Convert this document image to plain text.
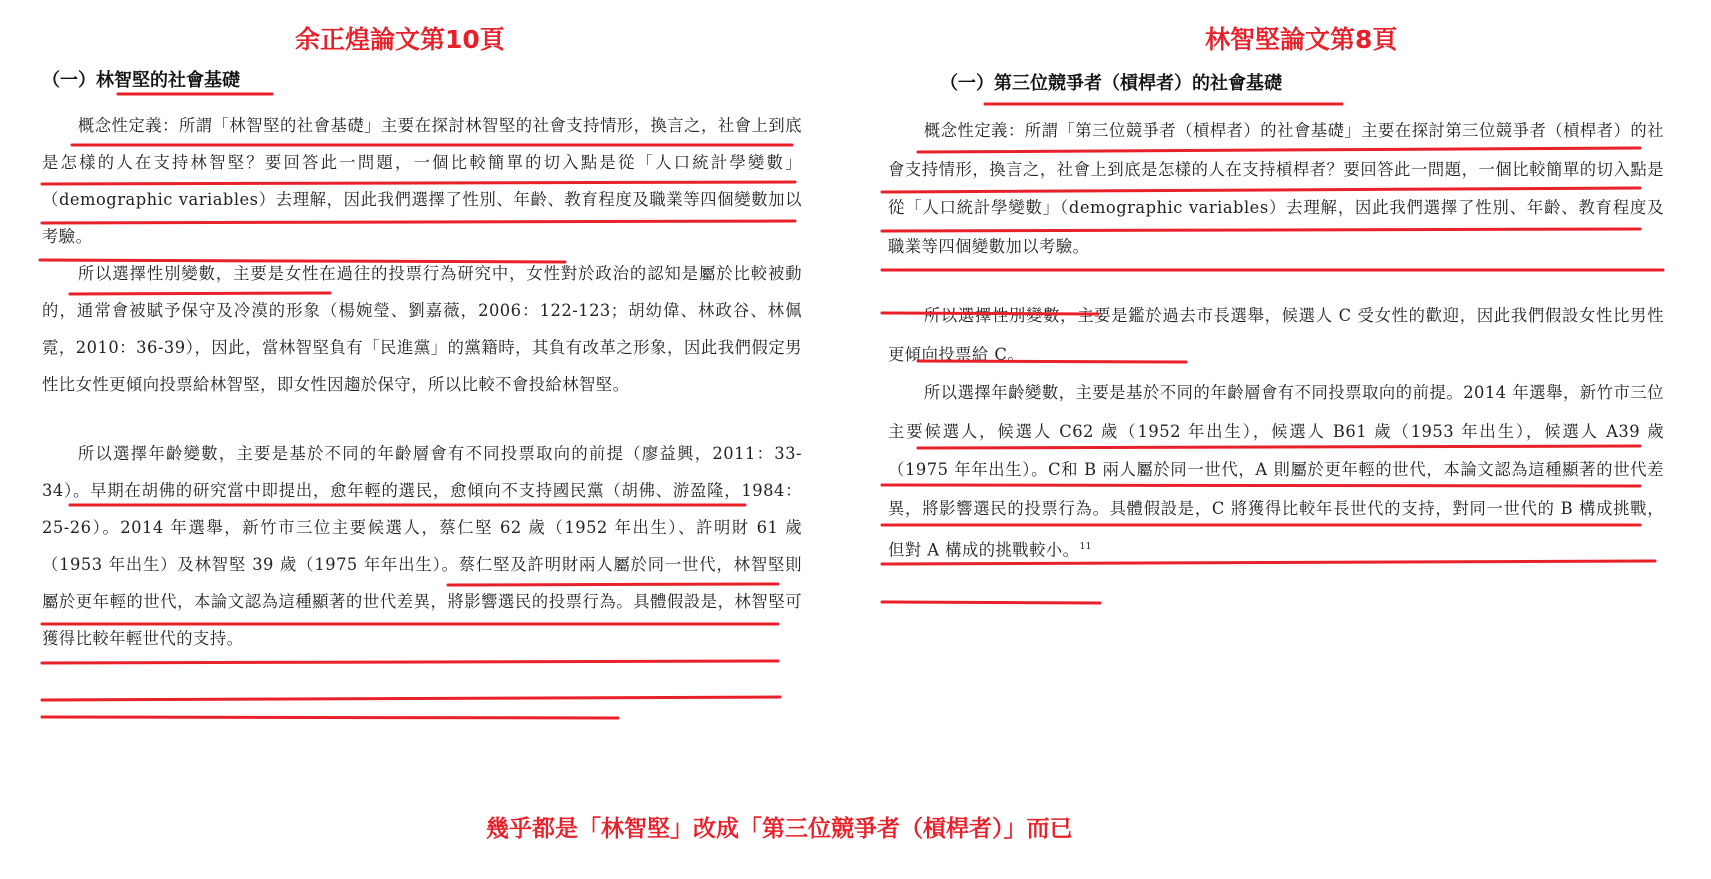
余正煌論文第10頁
（一）林智堅的社會基礎

概念性定義：所謂「林智堅的社會基礎」主要在探討林智堅的社會支持情形，換言之，社會上到底是怎樣的人在支持林智堅？要回答此一問題，一個比較簡單的切入點是從「人口統計學變數」（demographic variables）去理解，因此我們選擇了性別、年齡、教育程度及職業等四個變數加以考驗。

所以選擇性別變數，主要是女性在過往的投票行為研究中，女性對於政治的認知是屬於比較被動的，通常會被賦予保守及冷漠的形象（楊婉瑩、劉嘉薇，2006：122-123；胡幼偉、林政谷、林佩霓，2010：36-39），因此，當林智堅負有「民進黨」的黨籍時，其負有改革之形象，因此我們假定男性比女性更傾向投票給林智堅，即女性因趨於保守，所以比較不會投給林智堅。

所以選擇年齡變數，主要是基於不同的年齡層會有不同投票取向的前提（廖益興，2011：33-34）。早期在胡佛的研究當中即提出，愈年輕的選民，愈傾向不支持國民黨（胡佛、游盈隆，1984：25-26）。2014 年選舉，新竹市三位主要候選人，蔡仁堅 62 歲（1952 年出生）、許明財 61 歲（1953 年出生）及林智堅 39 歲（1975 年年出生）。蔡仁堅及許明財兩人屬於同一世代，林智堅則屬於更年輕的世代，本論文認為這種顯著的世代差異，將影響選民的投票行為。具體假設是，林智堅可獲得比較年輕世代的支持。

林智堅論文第8頁
（一）第三位競爭者（槓桿者）的社會基礎

概念性定義：所謂「第三位競爭者（槓桿者）的社會基礎」主要在探討第三位競爭者（槓桿者）的社會支持情形，換言之，社會上到底是怎樣的人在支持槓桿者？要回答此一問題，一個比較簡單的切入點是從「人口統計學變數」（demographic variables）去理解，因此我們選擇了性別、年齡、教育程度及職業等四個變數加以考驗。

所以選擇性別變數，主要是鑑於過去市長選舉，候選人 C 受女性的歡迎，因此我們假設女性比男性更傾向投票給 C。

所以選擇年齡變數，主要是基於不同的年齡層會有不同投票取向的前提。2014 年選舉，新竹市三位主要候選人，候選人 C62 歲（1952 年出生），候選人 B61 歲（1953 年出生），候選人 A39 歲（1975 年年出生）。C和 B 兩人屬於同一世代，A 則屬於更年輕的世代，本論文認為這種顯著的世代差異，將影響選民的投票行為。具體假設是，C 將獲得比較年長世代的支持，對同一世代的 B 構成挑戰，但對 A 構成的挑戰較小。$^{11}$

幾乎都是「林智堅」改成「第三位競爭者（槓桿者）」而已
